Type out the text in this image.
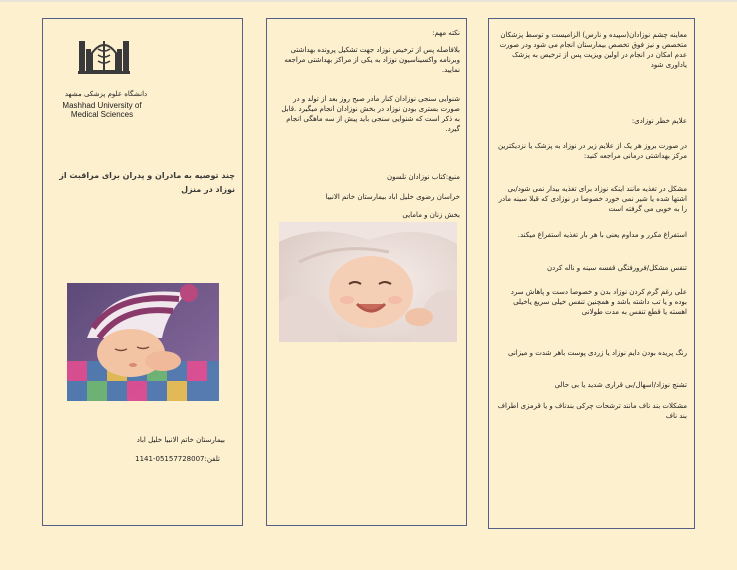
دانشگاه علوم پزشکی مشهد
Mashhad University of
Medical Sciences
چند توصیه به مادران و پدران برای مراقبت از نوزاد در منزل
بیمارستان خاتم الانبیا خلیل اباد
تلفن:05157728007-1141
نکته مهم:
بلافاصله پس از ترخیص نوزاد جهت تشکیل پرونده بهداشتی وبرنامه واکسیناسیون نوزاد به یکی از مراکز بهداشتی مراجعه نمایید.
شنوایی سنجی نوزادان کنار مادر صبح روز بعد از تولد و در صورت بستری بودن نوزاد در بخش نوزادان انجام میگیرد .قابل به ذکر است که شنوایی سنجی باید پیش از سه ماهگی انجام گیرد.
منبع:کتاب نوزادان نلسون
خراسان رضوی خلیل اباد بیمارستان خاتم الانبیا
بخش زنان و مامایی
معاینه چشم نوزادان(سپیده و نارس) الزامیست و توسط پزشکان متخصص و نیز فوق تخصص بیمارستان انجام می شود ودر صورت عدم امکان در انجام در اولین ویزیت پس از ترخیص به پزشک یاداوری شود
علایم خطر نوزادی:
در صورت بروز هر یک از علایم زیر در نوزاد به پزشک یا نزدیکترین مرکز بهداشتی درمانی مراجعه کنید:
مشکل در تغذیه مانند اینکه نوزاد برای تغذیه بیدار نمی شود/بی اشتها شده یا شیر نمی خورد خصوصا در نوزادی که قبلا سینه مادر را به خوبی می گرفته است
استفراغ مکرر و مداوم یعنی با هر بار تغذیه استفراغ میکند.
تنفس مشکل/فرورفتگی قفسه سینه و ناله کردن
علی رغم گرم کردن نوزاد بدن و خصوصا دست و پاهاش سرد بوده و یا تب داشته باشد و همچنین تنفس خیلی سریع یاخیلی اهسته یا قطع تنفس به مدت طولانی
رنگ پریده بودن دایم نوزاد یا زردی پوست باهر شدت و میزانی
تشنج نوزاد/اسهال/بی قراری شدید یا بی حالی
مشکلات بند ناف مانند ترشحات چرکی بندناف و یا قرمزی اطراف بند ناف
